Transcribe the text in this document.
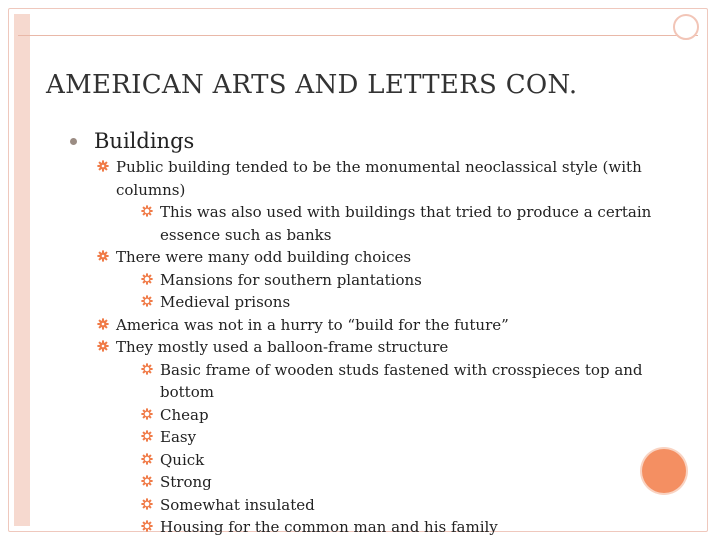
AMERICAN ARTS AND LETTERS CON.
Buildings
Public building tended to be the monumental neoclassical style (with columns)
This was also used with buildings that tried to produce a certain essence such as banks
There were many odd building choices
Mansions for southern plantations
Medieval prisons
America was not in a hurry to “build for the future”
They mostly used a balloon-frame structure
Basic frame of wooden studs fastened with crosspieces top and bottom
Cheap
Easy
Quick
Strong
Somewhat insulated
Housing for the common man and his family
